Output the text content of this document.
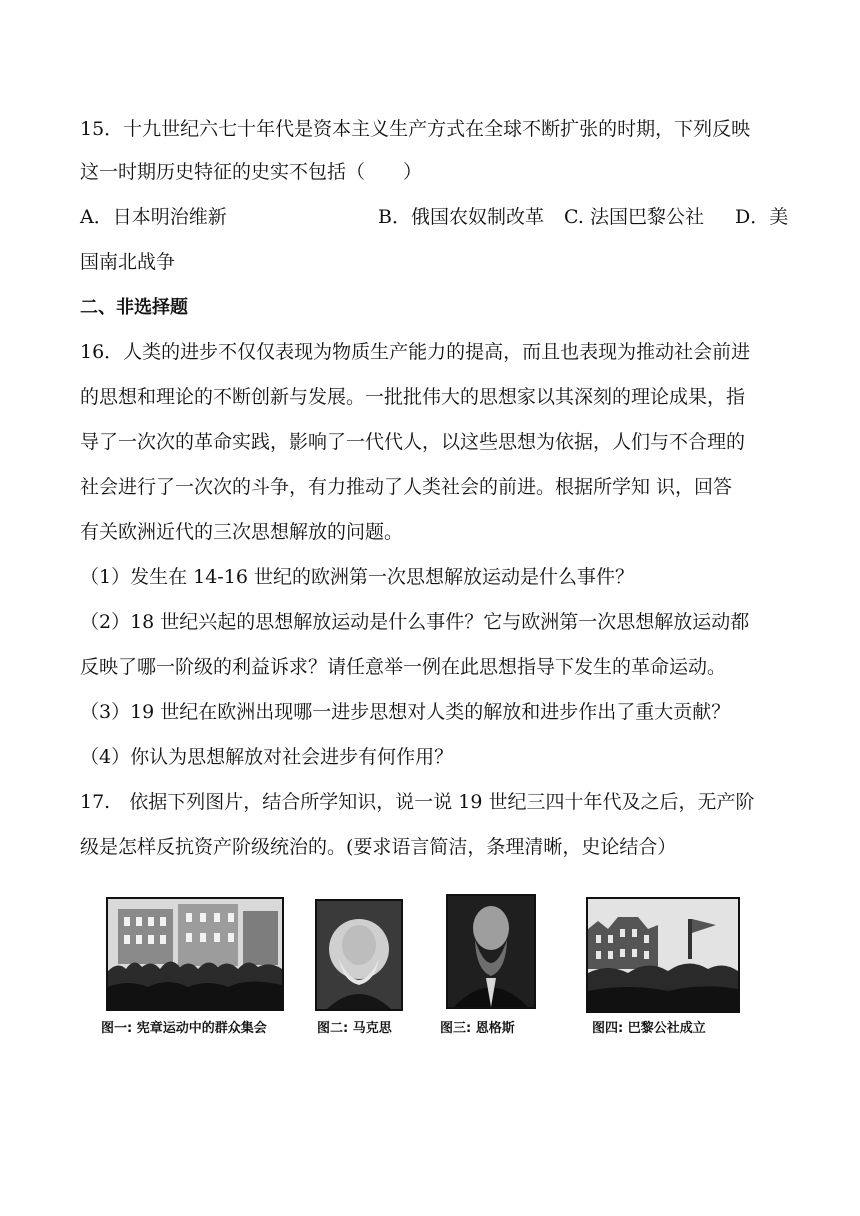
15．十九世纪六七十年代是资本主义生产方式在全球不断扩张的时期，下列反映
这一时期历史特征的史实不包括（　　）
A．日本明治维新	B．俄国农奴制改革 C. 法国巴黎公社 D．美
国南北战争
二、非选择题
16．人类的进步不仅仅表现为物质生产能力的提高，而且也表现为推动社会前进
的思想和理论的不断创新与发展。一批批伟大的思想家以其深刻的理论成果，指
导了一次次的革命实践，影响了一代代人，以这些思想为依据，人们与不合理的
社会进行了一次次的斗争，有力推动了人类社会的前进。根据所学知 识，回答
有关欧洲近代的三次思想解放的问题。
（1）发生在 14-16 世纪的欧洲第一次思想解放运动是什么事件？
（2）18 世纪兴起的思想解放运动是什么事件？它与欧洲第一次思想解放运动都
反映了哪一阶级的利益诉求？请任意举一例在此思想指导下发生的革命运动。
（3）19 世纪在欧洲出现哪一进步思想对人类的解放和进步作出了重大贡献？
（4）你认为思想解放对社会进步有何作用？
17.　依据下列图片，结合所学知识，说一说 19 世纪三四十年代及之后，无产阶
级是怎样反抗资产阶级统治的。(要求语言简洁，条理清晰，史论结合）
图一: 宪章运动中的群众集会	图二: 马克思	图三: 恩格斯	图四: 巴黎公社成立
